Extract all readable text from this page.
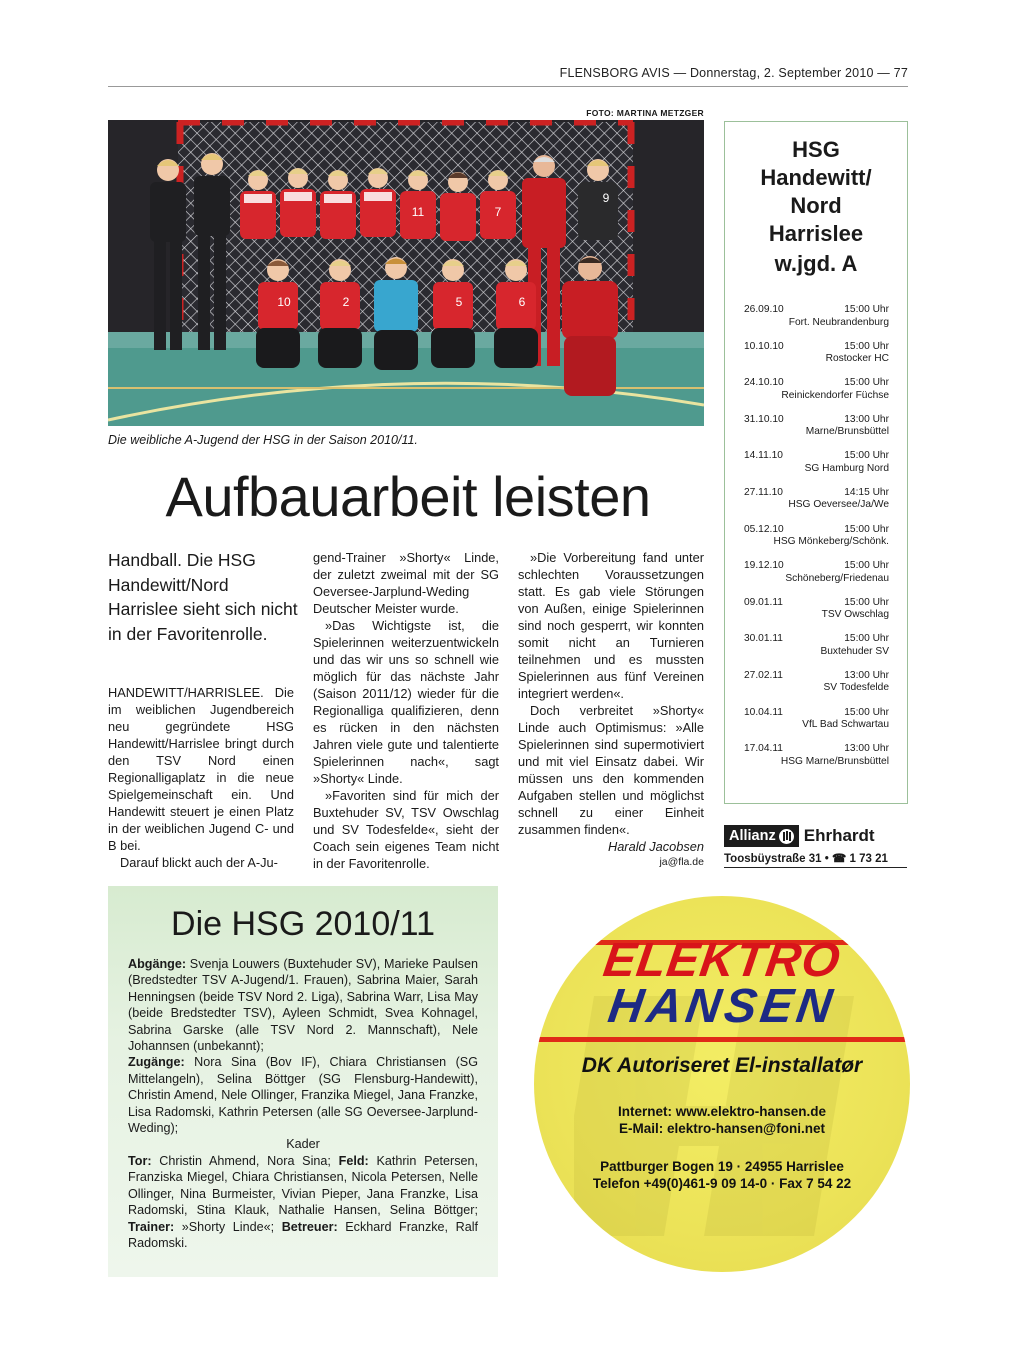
FLENSBORG AVIS — Donnerstag, 2. September 2010 — 77
FOTO: MARTINA METZGER
11	7
9
10	2	5	6
Die weibliche A-Jugend der HSG in der Saison 2010/11.
Aufbauarbeit leisten
Handball. Die HSG Handewitt/Nord Harrislee sieht sich nicht in der Favoritenrolle.

HANDEWITT/HARRISLEE. Die im weiblichen Jugendbereich neu gegründete HSG Handewitt/Harrislee bringt durch den TSV Nord einen Regionalligaplatz in die neue Spielgemeinschaft ein. Und Handewitt steuert je einen Platz in der weiblichen Jugend C- und B bei.

Darauf blickt auch der A-Ju-

gend-Trainer »Shorty« Linde, der zuletzt zweimal mit der SG Oeversee-Jarplund-Weding Deutscher Meister wurde.

»Das Wichtigste ist, die Spielerinnen weiterzuentwickeln und das wir uns so schnell wie möglich für das nächste Jahr (Saison 2011/12) wieder für die Regionalliga qualifizieren, denn es rücken in den nächsten Jahren viele gute und talentierte Spielerinnen nach«, sagt »Shorty« Linde.

»Favoriten sind für mich der Buxtehuder SV, TSV Owschlag und SV Todesfelde«, sieht der Coach sein eigenes Team nicht in der Favoritenrolle.

»Die Vorbereitung fand unter schlechten Voraussetzungen statt. Es gab viele Störungen von Außen, einige Spielerinnen sind noch gesperrt, wir konnten somit nicht an Turnieren teilnehmen und es mussten Spielerinnen aus fünf Vereinen integriert werden«.

Doch verbreitet »Shorty« Linde auch Optimismus: »Alle Spielerinnen sind supermotiviert und mit viel Einsatz dabei. Wir müssen uns den kommenden Aufgaben stellen und möglichst schnell zu einer Einheit zusammen finden«.

Harald Jacobsen

ja@fla.de
HSG
Handewitt/
Nord
Harrislee
w.jgd. A
26.09.10	15:00 Uhr
Fort. Neubrandenburg
10.10.10	15:00 Uhr
Rostocker HC
24.10.10	15:00 Uhr
Reinickendorfer Füchse
31.10.10	13:00 Uhr
Marne/Brunsbüttel
14.11.10	15:00 Uhr
SG Hamburg Nord
27.11.10	14:15 Uhr
HSG Oeversee/Ja/We
05.12.10	15:00 Uhr
HSG Mönkeberg/Schönk.
19.12.10	15:00 Uhr
Schöneberg/Friedenau
09.01.11	15:00 Uhr
TSV Owschlag
30.01.11	15:00 Uhr
Buxtehuder SV
27.02.11	13:00 Uhr
SV Todesfelde
10.04.11	15:00 Uhr
VfL Bad Schwartau
17.04.11	13:00 Uhr
HSG Marne/Brunsbüttel
Allianz Ehrhardt
Toosbüystraße 31 • ☎ 1 73 21
Die HSG 2010/11

Abgänge: Svenja Louwers (Buxtehuder SV), Marieke Paulsen (Bredstedter TSV A-Jugend/1. Frauen), Sabrina Maier, Sarah Henningsen (beide TSV Nord 2. Liga), Sabrina Warr, Lisa May (beide Bredstedter TSV), Ayleen Schmidt, Svea Kohnagel, Sabrina Garske (alle TSV Nord 2. Mannschaft), Nele Johannsen (unbekannt);

Zugänge: Nora Sina (Bov IF), Chiara Christiansen (SG Mittelangeln), Selina Böttger (SG Flensburg-Handewitt), Christin Amend, Nele Ollinger, Franzika Miegel, Jana Franzke, Lisa Radomski, Kathrin Petersen (alle SG Oeversee-Jarplund-Weding);

Kader

Tor: Christin Ahmend, Nora Sina; Feld: Kathrin Petersen, Franziska Miegel, Chiara Christiansen, Nicola Petersen, Nelle Ollinger, Nina Burmeister, Vivian Pieper, Jana Franzke, Lisa Radomski, Stina Klauk, Nathalie Hansen, Selina Böttger; Trainer: »Shorty Linde«; Betreuer: Eckhard Franzke, Ralf Radomski.

ELEKTRO
HANSEN
DK Autoriseret El-installatør
Internet: www.elektro-hansen.de
E-Mail: elektro-hansen@foni.net
Pattburger Bogen 19 · 24955 Harrislee
Telefon +49(0)461-9 09 14-0 · Fax 7 54 22
